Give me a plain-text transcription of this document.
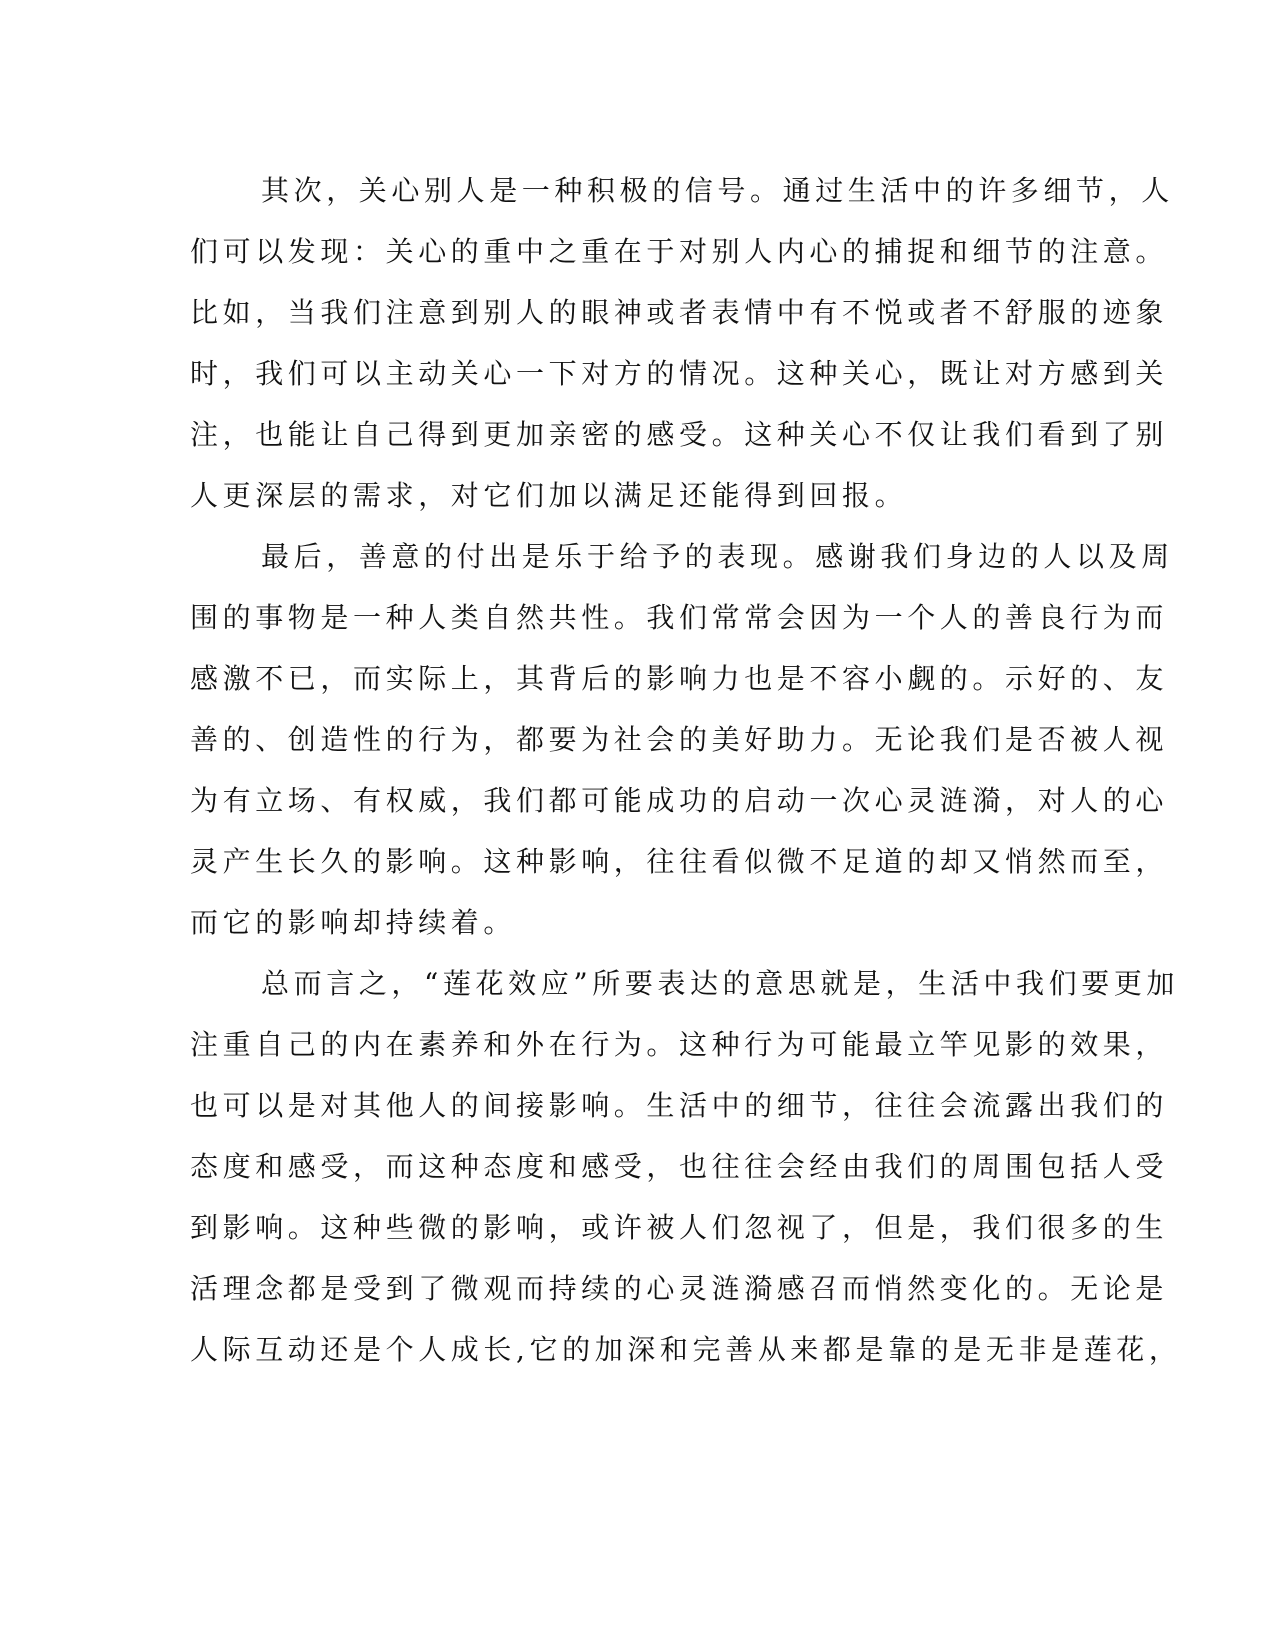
其次，关心别人是一种积极的信号。通过生活中的许多细节，人
们可以发现：关心的重中之重在于对别人内心的捕捉和细节的注意。
比如，当我们注意到别人的眼神或者表情中有不悦或者不舒服的迹象
时，我们可以主动关心一下对方的情况。这种关心，既让对方感到关
注，也能让自己得到更加亲密的感受。这种关心不仅让我们看到了别
人更深层的需求，对它们加以满足还能得到回报。
最后，善意的付出是乐于给予的表现。感谢我们身边的人以及周
围的事物是一种人类自然共性。我们常常会因为一个人的善良行为而
感激不已，而实际上，其背后的影响力也是不容小觑的。示好的、友
善的、创造性的行为，都要为社会的美好助力。无论我们是否被人视
为有立场、有权威，我们都可能成功的启动一次心灵涟漪，对人的心
灵产生长久的影响。这种影响，往往看似微不足道的却又悄然而至，
而它的影响却持续着。
总而言之，“莲花效应”所要表达的意思就是，生活中我们要更加
注重自己的内在素养和外在行为。这种行为可能最立竿见影的效果，
也可以是对其他人的间接影响。生活中的细节，往往会流露出我们的
态度和感受，而这种态度和感受，也往往会经由我们的周围包括人受
到影响。这种些微的影响，或许被人们忽视了，但是，我们很多的生
活理念都是受到了微观而持续的心灵涟漪感召而悄然变化的。无论是
人际互动还是个人成长,它的加深和完善从来都是靠的是无非是莲花，
